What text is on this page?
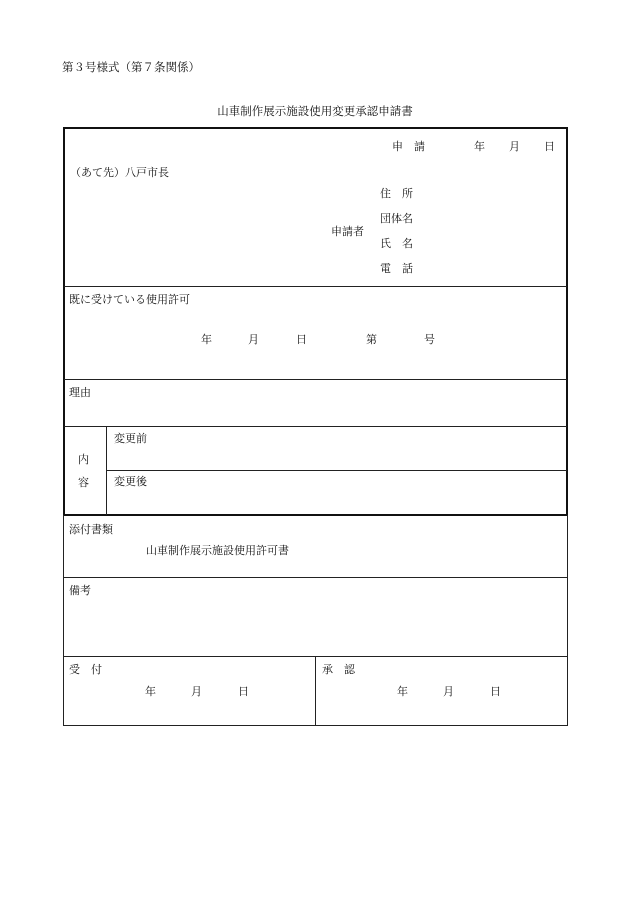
第３号様式（第７条関係）
山車制作展示施設使用変更承認申請書
申　請	年 月 日
（あて先）八戸市長
申請者
住　所
団体名
氏　名
電　話
既に受けている使用許可
年	月	日	第	号
理由
内
容
変更前
変更後
添付書類
山車制作展示施設使用許可書
備考
受　付
年	月	日
承　認
年	月	日
